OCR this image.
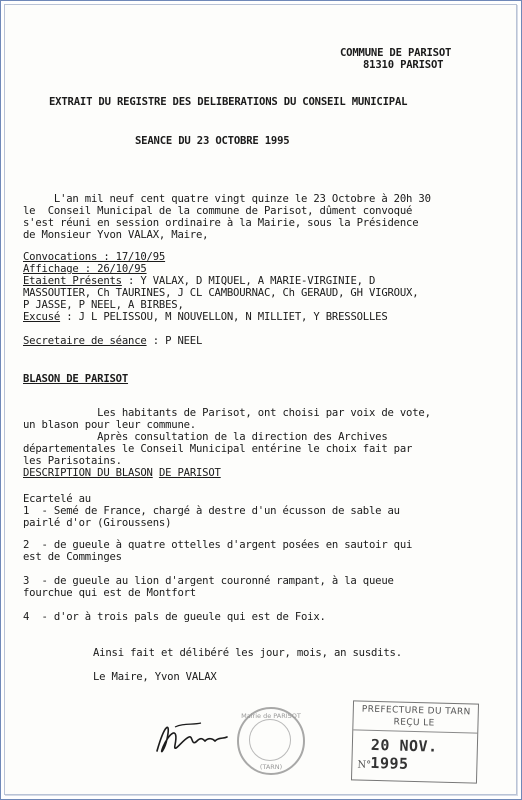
COMMUNE DE PARISOT
81310 PARISOT
EXTRAIT DU REGISTRE DES DELIBERATIONS DU CONSEIL MUNICIPAL
SEANCE DU 23 OCTOBRE 1995
L'an mil neuf cent quatre vingt quinze le 23 Octobre à 20h 30
le  Conseil Municipal de la commune de Parisot, dûment convoqué
s'est réuni en session ordinaire à la Mairie, sous la Présidence
de Monsieur Yvon VALAX, Maire,
Convocations : 17/10/95
Affichage : 26/10/95
Etaient Présents : Y VALAX, D MIQUEL, A MARIE-VIRGINIE, D
MASSOUTIER, Ch TAURINES, J CL CAMBOURNAC, Ch GERAUD, GH VIGROUX,
P JASSE, P NEEL, A BIRBES,
Excusé : J L PELISSOU, M NOUVELLON, N MILLIET, Y BRESSOLLES
Secretaire de séance : P NEEL
BLASON DE PARISOT
Les habitants de Parisot, ont choisi par voix de vote,
un blason pour leur commune.
Après consultation de la direction des Archives
départementales le Conseil Municipal entérine le choix fait par
les Parisotains.
DESCRIPTION DU BLASON DE PARISOT
Ecartelé au
1  - Semé de France, chargé à destre d'un écusson de sable au
pairlé d'or (Giroussens)
2  - de gueule à quatre ottelles d'argent posées en sautoir qui
est de Comminges
3  - de gueule au lion d'argent couronné rampant, à la queue
fourchue qui est de Montfort
4  - d'or à trois pals de gueule qui est de Foix.
Ainsi fait et délibéré les jour, mois, an susdits.
Le Maire, Yvon VALAX
Mairie de PARISOT
(TARN)
PREFECTURE DU TARN
REÇU LE
20 NOV. 1995
N°
